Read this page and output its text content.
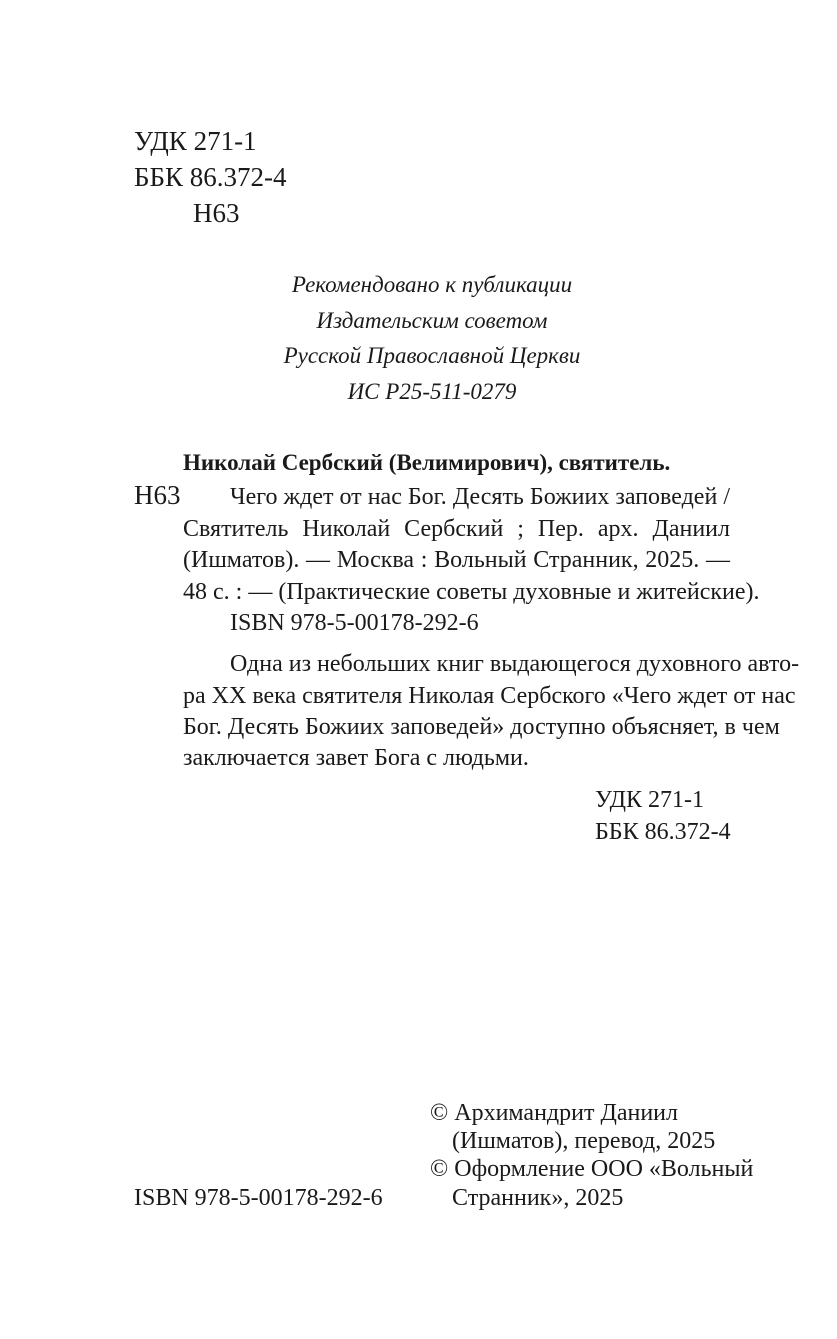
УДК 271-1
ББК 86.372-4
Н63
Рекомендовано к публикации
Издательским советом
Русской Православной Церкви
ИС Р25-511-0279
Николай Сербский (Велимирович), святитель.
Н63 Чего ждет от нас Бог. Десять Божиих заповедей /
Святитель Николай Сербский ; Пер. арх. Даниил
(Ишматов). — Москва : Вольный Странник, 2025. —
48 с. : — (Практические советы духовные и житейские).
ISBN 978-5-00178-292-6
Одна из небольших книг выдающегося духовного авто-
ра XX века святителя Николая Сербского «Чего ждет от нас
Бог. Десять Божиих заповедей» доступно объясняет, в чем
заключается завет Бога с людьми.
УДК 271-1
ББК 86.372-4
ISBN 978-5-00178-292-6
© Архимандрит Даниил
(Ишматов), перевод, 2025
© Оформление ООО «Вольный
Странник», 2025
